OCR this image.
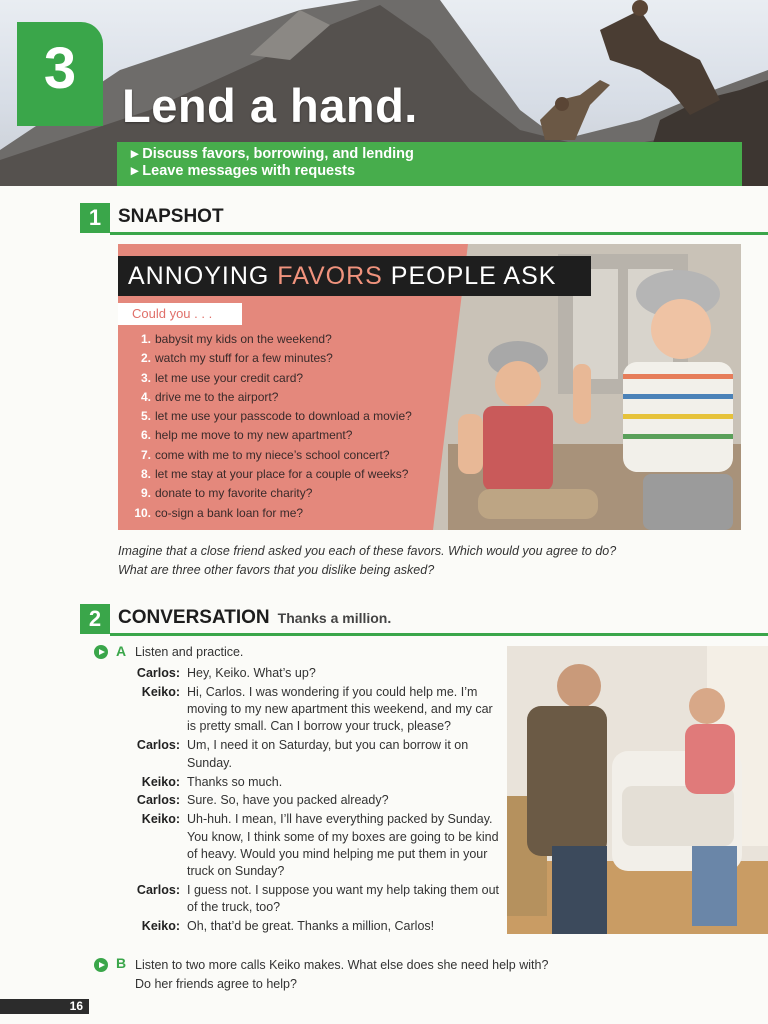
3
Lend a hand.
▸ Discuss favors, borrowing, and lending
▸ Leave messages with requests
1 SNAPSHOT
ANNOYING FAVORS PEOPLE ASK
Could you . . .
1. babysit my kids on the weekend?
2. watch my stuff for a few minutes?
3. let me use your credit card?
4. drive me to the airport?
5. let me use your passcode to download a movie?
6. help me move to my new apartment?
7. come with me to my niece’s school concert?
8. let me stay at your place for a couple of weeks?
9. donate to my favorite charity?
10. co-sign a bank loan for me?
Imagine that a close friend asked you each of these favors. Which would you agree to do?
What are three other favors that you dislike being asked?
2 CONVERSATION Thanks a million.
A Listen and practice.
Carlos: Hey, Keiko. What’s up?
Keiko: Hi, Carlos. I was wondering if you could help me. I’m moving to my new apartment this weekend, and my car is pretty small. Can I borrow your truck, please?
Carlos: Um, I need it on Saturday, but you can borrow it on Sunday.
Keiko: Thanks so much.
Carlos: Sure. So, have you packed already?
Keiko: Uh-huh. I mean, I’ll have everything packed by Sunday. You know, I think some of my boxes are going to be kind of heavy. Would you mind helping me put them in your truck on Sunday?
Carlos: I guess not. I suppose you want my help taking them out of the truck, too?
Keiko: Oh, that’d be great. Thanks a million, Carlos!
B Listen to two more calls Keiko makes. What else does she need help with?
Do her friends agree to help?
16
